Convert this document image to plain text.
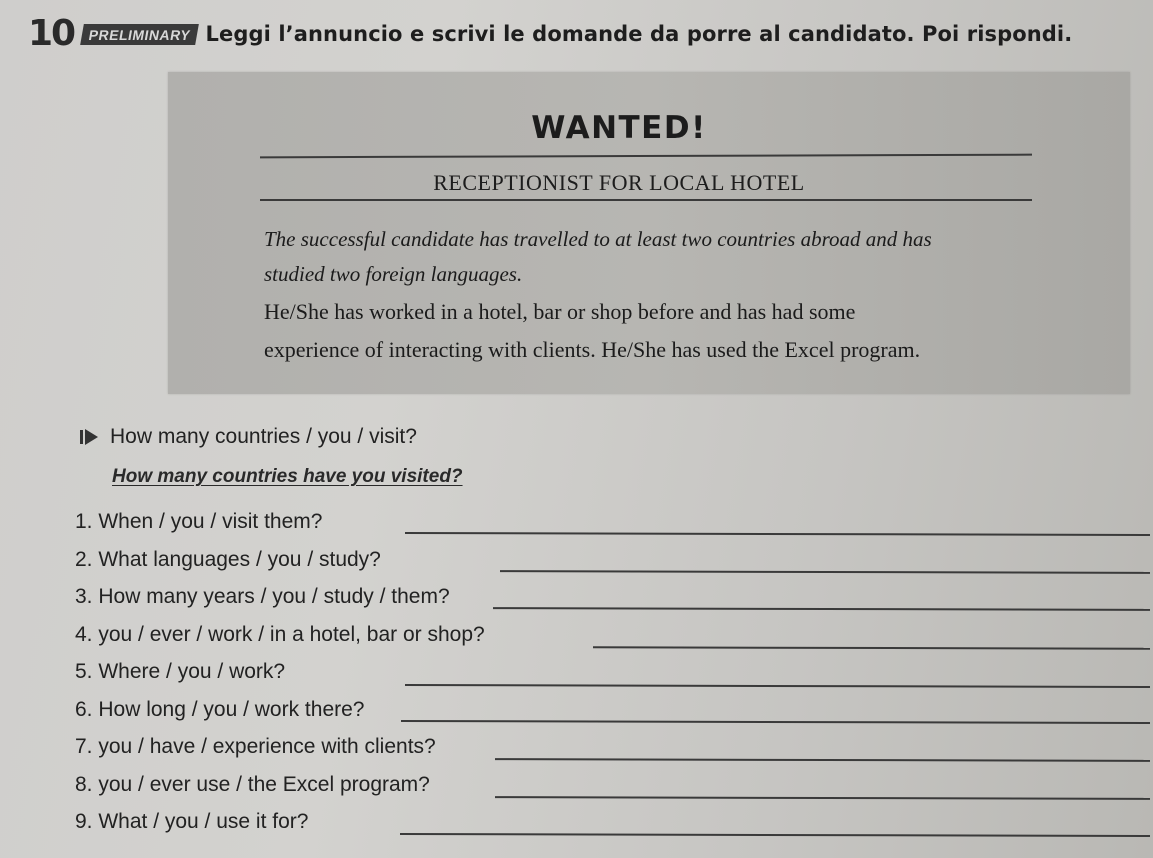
10 PRELIMINARY Leggi l’annuncio e scrivi le domande da porre al candidato. Poi rispondi.
WANTED!
RECEPTIONIST FOR LOCAL HOTEL
The successful candidate has travelled to at least two countries abroad and has
studied two foreign languages.
He/She has worked in a hotel, bar or shop before and has had some
experience of interacting with clients. He/She has used the Excel program.
How many countries / you / visit?
How many countries have you visited?
1. When / you / visit them?
2. What languages / you / study?
3. How many years / you / study / them?
4. you / ever / work / in a hotel, bar or shop?
5. Where / you / work?
6. How long / you / work there?
7. you / have / experience with clients?
8. you / ever use / the Excel program?
9. What / you / use it for?
